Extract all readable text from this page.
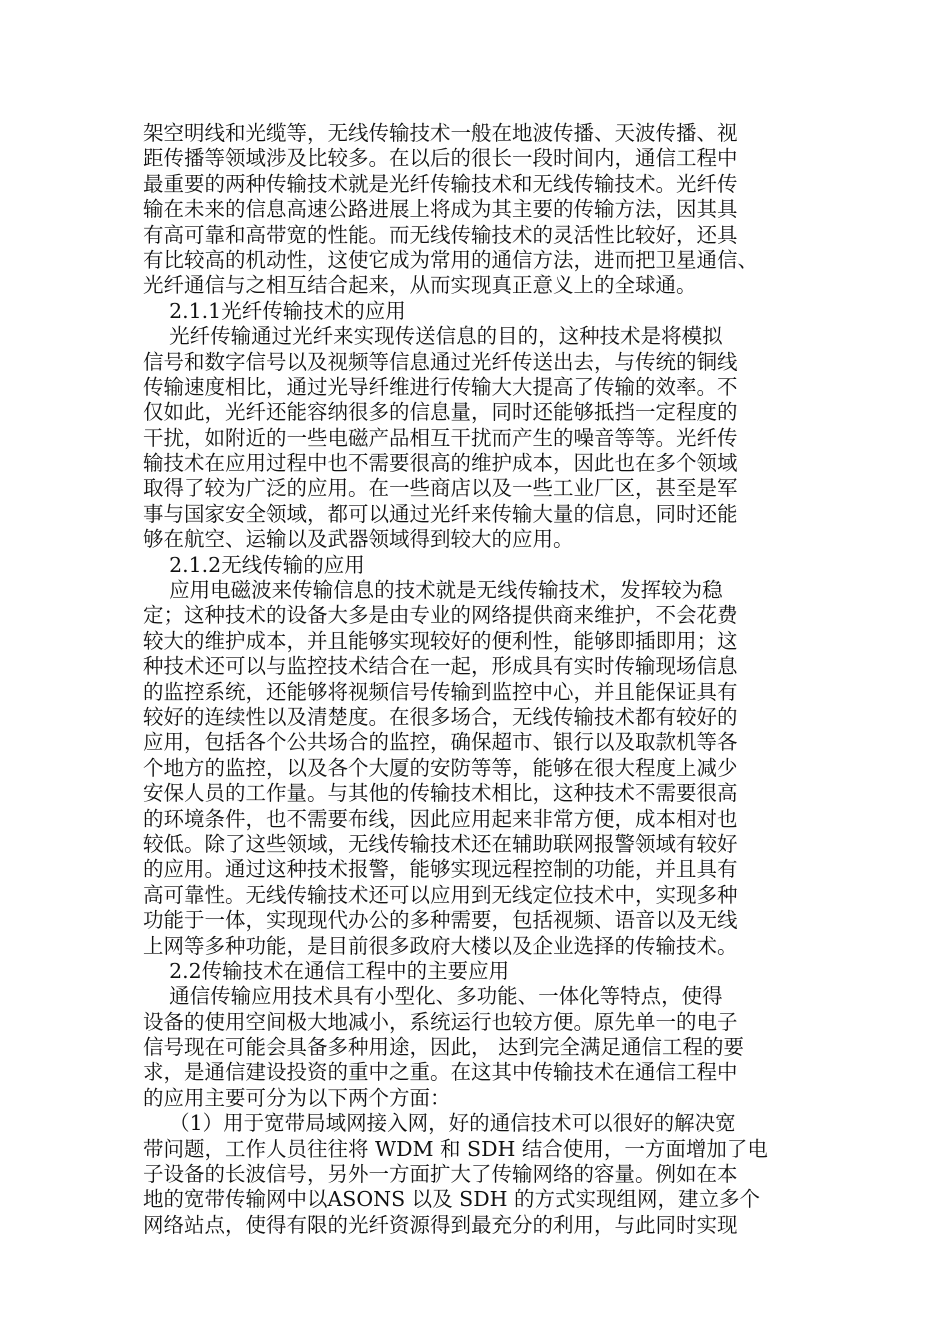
架空明线和光缆等，无线传输技术一般在地波传播、天波传播、视
距传播等领域涉及比较多。在以后的很长一段时间内，通信工程中
最重要的两种传输技术就是光纤传输技术和无线传输技术。光纤传
输在未来的信息高速公路进展上将成为其主要的传输方法，因其具
有高可靠和高带宽的性能。而无线传输技术的灵活性比较好，还具
有比较高的机动性，这使它成为常用的通信方法，进而把卫星通信、
光纤通信与之相互结合起来，从而实现真正意义上的全球通。
2.1.1光纤传输技术的应用
光纤传输通过光纤来实现传送信息的目的，这种技术是将模拟
信号和数字信号以及视频等信息通过光纤传送出去，与传统的铜线
传输速度相比，通过光导纤维进行传输大大提高了传输的效率。不
仅如此，光纤还能容纳很多的信息量，同时还能够抵挡一定程度的
干扰，如附近的一些电磁产品相互干扰而产生的噪音等等。光纤传
输技术在应用过程中也不需要很高的维护成本，因此也在多个领域
取得了较为广泛的应用。在一些商店以及一些工业厂区，甚至是军
事与国家安全领域，都可以通过光纤来传输大量的信息，同时还能
够在航空、运输以及武器领域得到较大的应用。
2.1.2无线传输的应用
应用电磁波来传输信息的技术就是无线传输技术，发挥较为稳
定；这种技术的设备大多是由专业的网络提供商来维护，不会花费
较大的维护成本，并且能够实现较好的便利性，能够即插即用；这
种技术还可以与监控技术结合在一起，形成具有实时传输现场信息
的监控系统，还能够将视频信号传输到监控中心，并且能保证具有
较好的连续性以及清楚度。在很多场合，无线传输技术都有较好的
应用，包括各个公共场合的监控，确保超市、银行以及取款机等各
个地方的监控，以及各个大厦的安防等等，能够在很大程度上减少
安保人员的工作量。与其他的传输技术相比，这种技术不需要很高
的环境条件，也不需要布线，因此应用起来非常方便，成本相对也
较低。除了这些领域，无线传输技术还在辅助联网报警领域有较好
的应用。通过这种技术报警，能够实现远程控制的功能，并且具有
高可靠性。无线传输技术还可以应用到无线定位技术中，实现多种
功能于一体，实现现代办公的多种需要，包括视频、语音以及无线
上网等多种功能，是目前很多政府大楼以及企业选择的传输技术。
2.2传输技术在通信工程中的主要应用
通信传输应用技术具有小型化、多功能、一体化等特点，使得
设备的使用空间极大地减小，系统运行也较方便。原先单一的电子
信号现在可能会具备多种用途，因此， 达到完全满足通信工程的要
求，是通信建设投资的重中之重。在这其中传输技术在通信工程中
的应用主要可分为以下两个方面：
（1）用于宽带局域网接入网，好的通信技术可以很好的解决宽
带问题，工作人员往往将 WDM 和 SDH 结合使用，一方面增加了电
子设备的长波信号，另外一方面扩大了传输网络的容量。例如在本
地的宽带传输网中以ASONS 以及 SDH 的方式实现组网，建立多个
网络站点，使得有限的光纤资源得到最充分的利用，与此同时实现
